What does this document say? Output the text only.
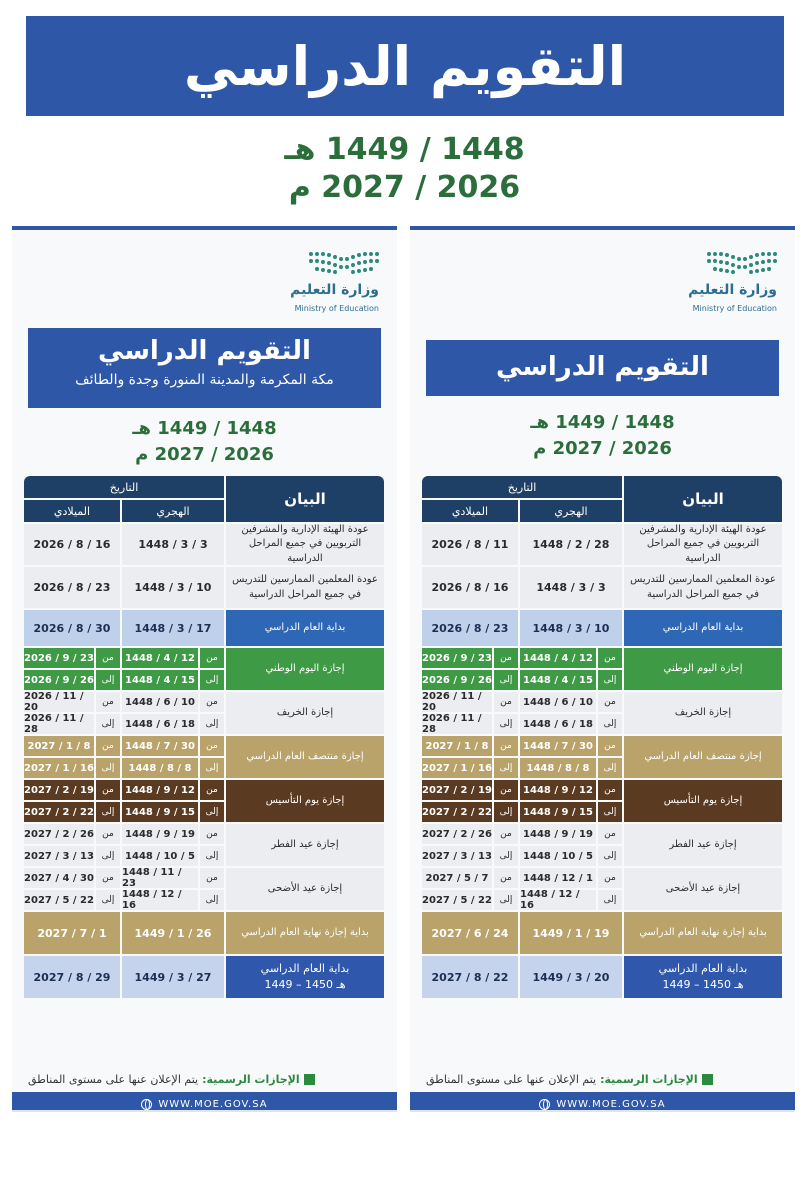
التقويم الدراسي
1448 / 1449 هـ
2026 / 2027 م
وزارة التعليم
Ministry of Education
التقويم الدراسي
مكة المكرمة والمدينة المنورة وجدة والطائف
1448 / 1449 هـ
2026 / 2027 م
البيان
التاريخ
الهجري
الميلادي
عودة الهيئة الإدارية والمشرفين التربويين في جميع المراحل الدراسية
1448 / 3 / 3
2026 / 8 / 16
عودة المعلمين الممارسين للتدريس في جميع المراحل الدراسية
1448 / 3 / 10
2026 / 8 / 23
بداية العام الدراسي
1448 / 3 / 17
2026 / 8 / 30
إجازة اليوم الوطني
من
1448 / 4 / 12
من
2026 / 9 / 23
إلى
1448 / 4 / 15
إلى
2026 / 9 / 26
إجازة الخريف
من
1448 / 6 / 10
من
2026 / 11 / 20
إلى
1448 / 6 / 18
إلى
2026 / 11 / 28
إجازة منتصف العام الدراسي
من
1448 / 7 / 30
من
2027 / 1 / 8
إلى
1448 / 8 / 8
إلى
2027 / 1 / 16
إجازة يوم التأسيس
من
1448 / 9 / 12
من
2027 / 2 / 19
إلى
1448 / 9 / 15
إلى
2027 / 2 / 22
إجازة عيد الفطر
من
1448 / 9 / 19
من
2027 / 2 / 26
إلى
1448 / 10 / 5
إلى
2027 / 3 / 13
إجازة عيد الأضحى
من
1448 / 11 / 23
من
2027 / 4 / 30
إلى
1448 / 12 / 16
إلى
2027 / 5 / 22
بداية إجازة نهاية العام الدراسي
1449 / 1 / 26
2027 / 7 / 1
بداية العام الدراسي
1449 – 1450 هـ
1449 / 3 / 27
2027 / 8 / 29
الإجازات الرسمية:
يتم الإعلان عنها على مستوى المناطق
WWW.MOE.GOV.SA
وزارة التعليم
Ministry of Education
التقويم الدراسي
1448 / 1449 هـ
2026 / 2027 م
البيان
التاريخ
الهجري
الميلادي
عودة الهيئة الإدارية والمشرفين التربويين في جميع المراحل الدراسية
1448 / 2 / 28
2026 / 8 / 11
عودة المعلمين الممارسين للتدريس في جميع المراحل الدراسية
1448 / 3 / 3
2026 / 8 / 16
بداية العام الدراسي
1448 / 3 / 10
2026 / 8 / 23
إجازة اليوم الوطني
من
1448 / 4 / 12
من
2026 / 9 / 23
إلى
1448 / 4 / 15
إلى
2026 / 9 / 26
إجازة الخريف
من
1448 / 6 / 10
من
2026 / 11 / 20
إلى
1448 / 6 / 18
إلى
2026 / 11 / 28
إجازة منتصف العام الدراسي
من
1448 / 7 / 30
من
2027 / 1 / 8
إلى
1448 / 8 / 8
إلى
2027 / 1 / 16
إجازة يوم التأسيس
من
1448 / 9 / 12
من
2027 / 2 / 19
إلى
1448 / 9 / 15
إلى
2027 / 2 / 22
إجازة عيد الفطر
من
1448 / 9 / 19
من
2027 / 2 / 26
إلى
1448 / 10 / 5
إلى
2027 / 3 / 13
إجازة عيد الأضحى
من
1448 / 12 / 1
من
2027 / 5 / 7
إلى
1448 / 12 / 16
إلى
2027 / 5 / 22
بداية إجازة نهاية العام الدراسي
1449 / 1 / 19
2027 / 6 / 24
بداية العام الدراسي
1449 – 1450 هـ
1449 / 3 / 20
2027 / 8 / 22
الإجازات الرسمية:
يتم الإعلان عنها على مستوى المناطق
WWW.MOE.GOV.SA
